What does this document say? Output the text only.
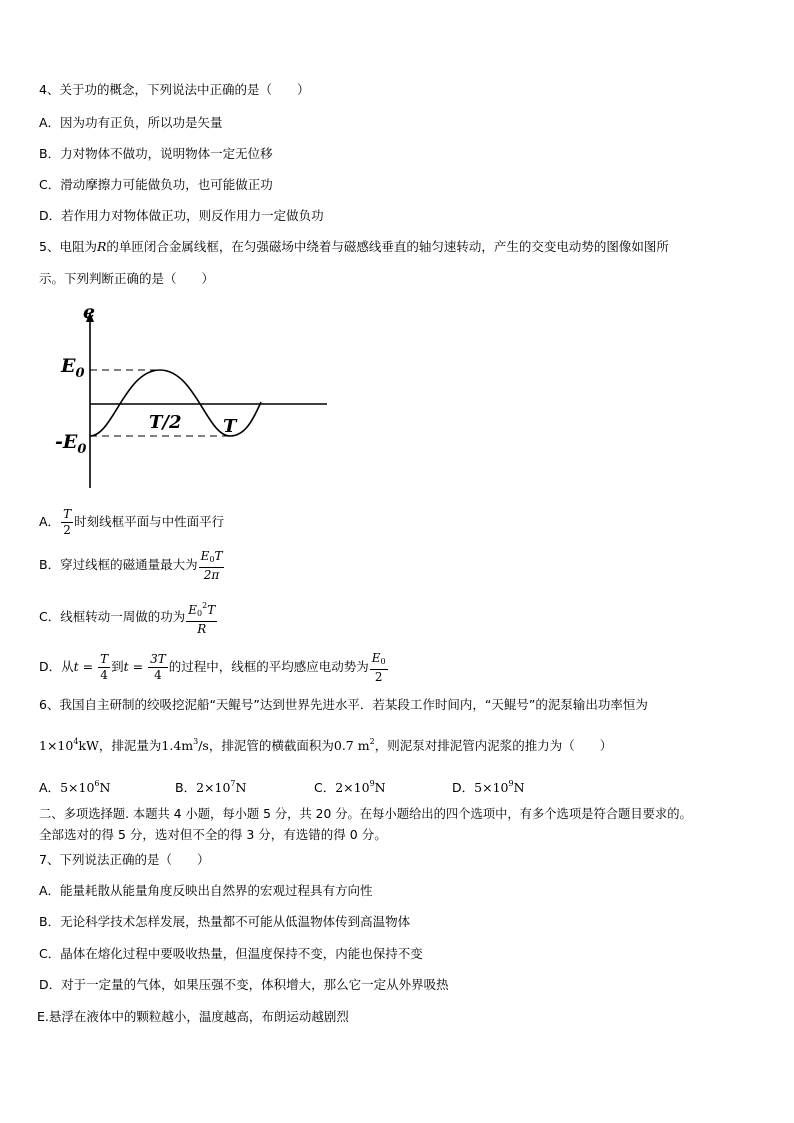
4、关于功的概念，下列说法中正确的是（　　）
A．因为功有正负，所以功是矢量
B．力对物体不做功，说明物体一定无位移
C．滑动摩擦力可能做负功，也可能做正功
D．若作用力对物体做正功，则反作用力一定做负功
5、电阻为R的单匝闭合金属线框，在匀强磁场中绕着与磁感线垂直的轴匀速转动，产生的交变电动势的图像如图所
示。下列判断正确的是（　　）
e
$E_0$
$-E_0$
T/2 T
A． $\frac{T}{2}$ 时刻线框平面与中性面平行
B．穿过线框的磁通量最大为 $\frac{E_0T}{2\pi}$
C．线框转动一周做的功为 $\frac{E_0^2T}{R}$
D．从$t = \frac{T}{4}$ 到$t = \frac{3T}{4}$ 的过程中，线框的平均感应电动势为 $\frac{E_0}{2}$
6、我国自主研制的绞吸挖泥船“天鲲号”达到世界先进水平．若某段工作时间内，“天鲲号”的泥泵输出功率恒为
$1\times 10^4kW$，排泥量为$1.4m^3/s$，排泥管的横截面积为0.7 $m^2$，则泥泵对排泥管内泥浆的推力为（　　）
A．$5\times 10^6N$	B．$2\times 10^7N$	C．$2\times 10^9N$	D．$5\times 10^9N$
二、多项选择题. 本题共 4 小题，每小题 5 分，共 20 分。在每小题给出的四个选项中，有多个选项是符合题目要求的。
全部选对的得 5 分，选对但不全的得 3 分，有选错的得 0 分。
7、下列说法正确的是（　　）
A．能量耗散从能量角度反映出自然界的宏观过程具有方向性
B．无论科学技术怎样发展，热量都不可能从低温物体传到高温物体
C．晶体在熔化过程中要吸收热量，但温度保持不变，内能也保持不变
D．对于一定量的气体，如果压强不变，体积增大，那么它一定从外界吸热
E.悬浮在液体中的颗粒越小，温度越高，布朗运动越剧烈
